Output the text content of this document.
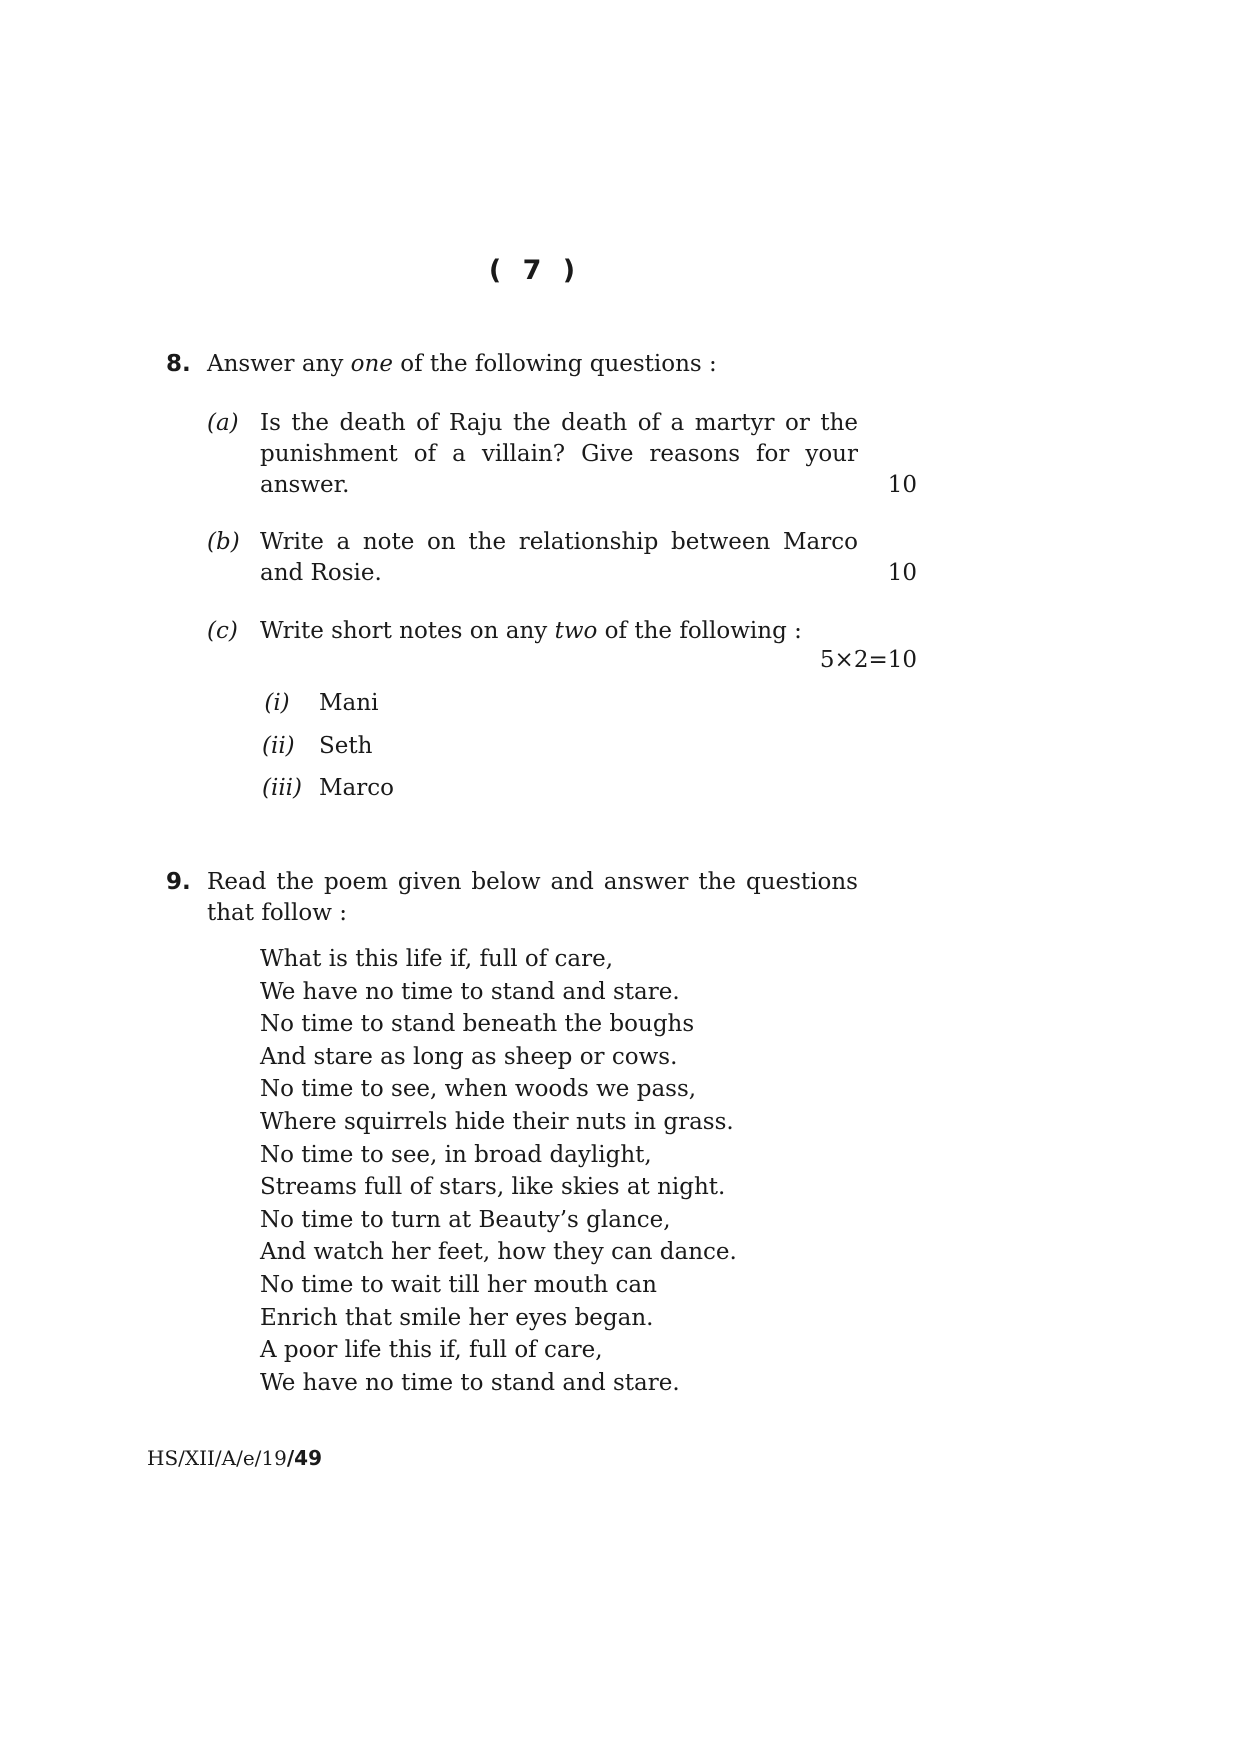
( 7 )
8. Answer any one of the following questions :
(a) Is the death of Raju the death of a martyr or the punishment of a villain? Give reasons for your answer.	10
(b) Write a note on the relationship between Marco and Rosie.	10
(c) Write short notes on any two of the following :
5×2=10
(i) Mani
(ii) Seth
(iii) Marco
9. Read the poem given below and answer the questions that follow :
What is this life if, full of care,
We have no time to stand and stare.
No time to stand beneath the boughs
And stare as long as sheep or cows.
No time to see, when woods we pass,
Where squirrels hide their nuts in grass.
No time to see, in broad daylight,
Streams full of stars, like skies at night.
No time to turn at Beauty’s glance,
And watch her feet, how they can dance.
No time to wait till her mouth can
Enrich that smile her eyes began.
A poor life this if, full of care,
We have no time to stand and stare.
HS/XII/A/e/19/49
